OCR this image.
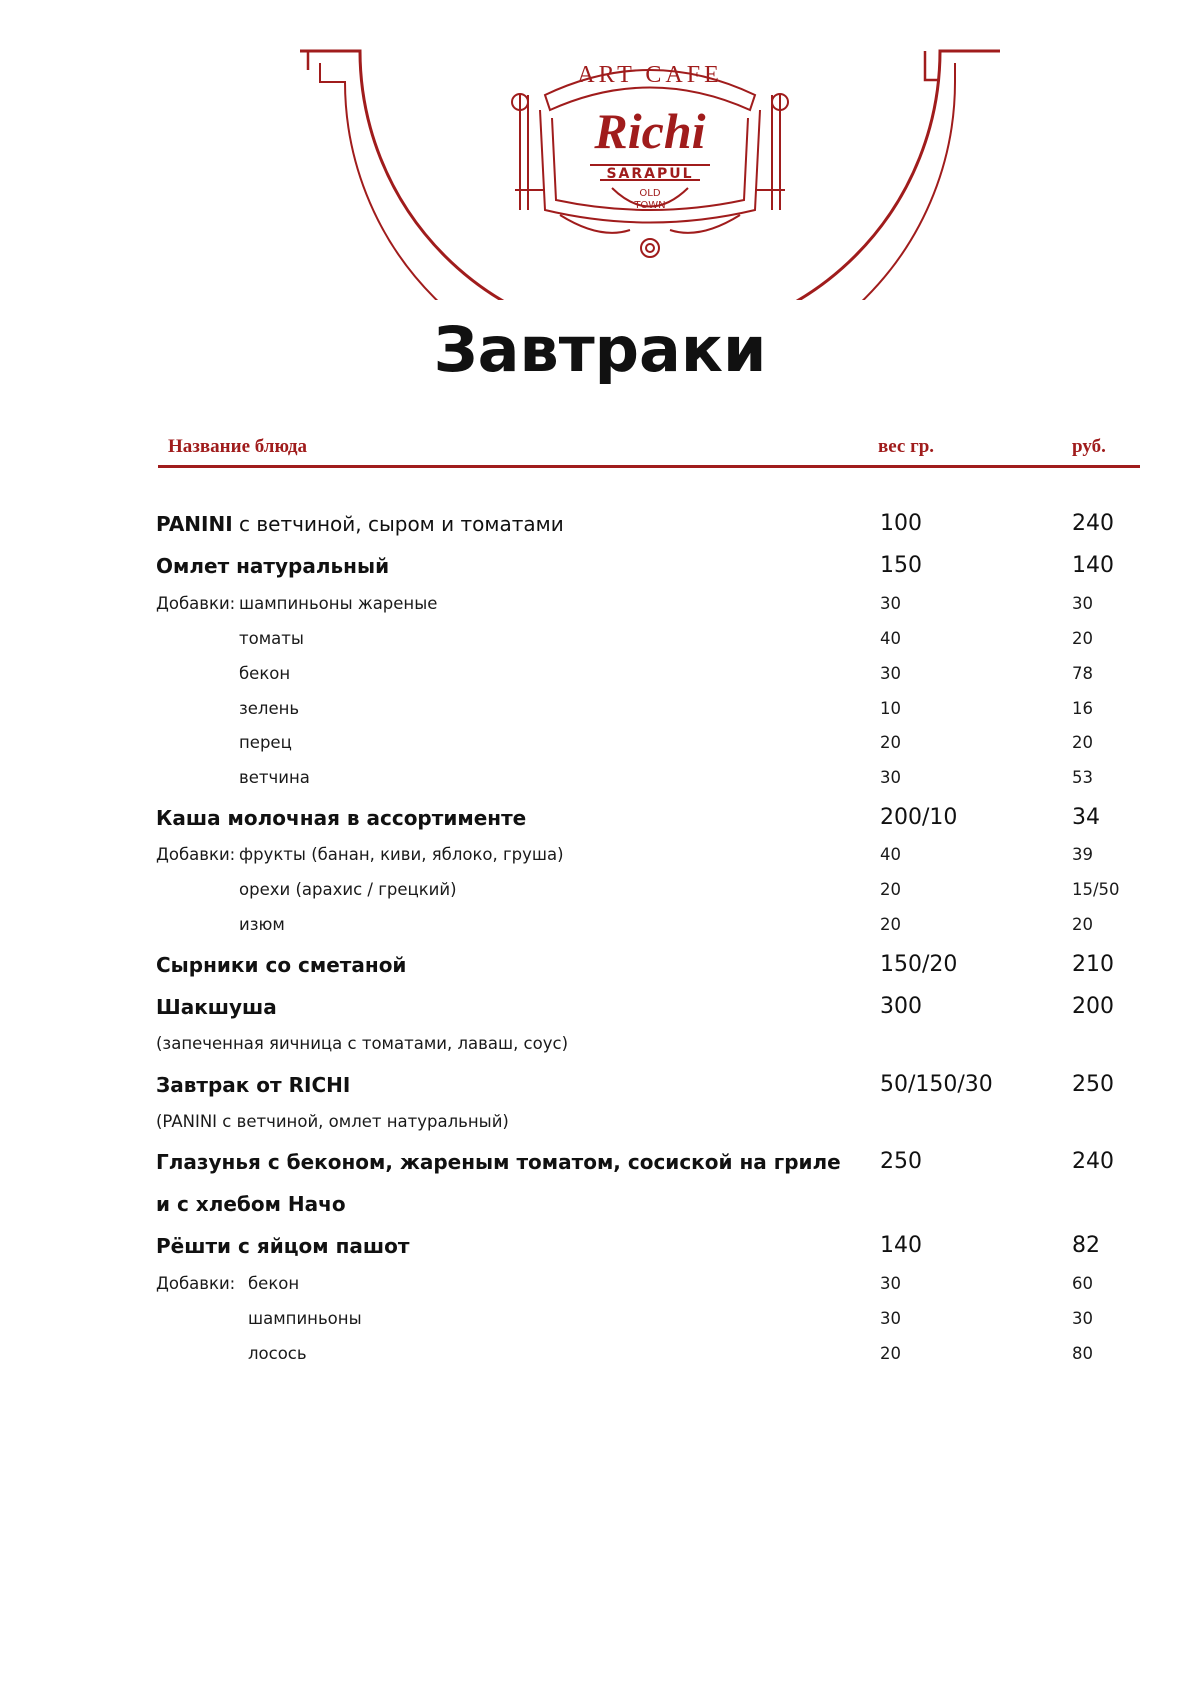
ART CAFE
Richi
SARAPUL
OLD
TOWN
Завтраки
Название блюда	вес гр.	руб.
PANINI с ветчиной, сыром и томатами	100	240
Омлет натуральный	150	140
Добавки: шампиньоны жареные	30	30
томаты	40	20
бекон	30	78
зелень	10	16
перец	20	20
ветчина	30	53
Каша молочная в ассортименте	200/10	34
Добавки: фрукты (банан, киви, яблоко, груша)	40	39
орехи (арахис / грецкий)	20	15/50
изюм	20	20
Сырники со сметаной	150/20	210
Шакшуша	300	200
(запеченная яичница с томатами, лаваш, соус)
Завтрак от RICHI	50/150/30	250
(PANINI с ветчиной, омлет натуральный)
Глазунья с беконом, жареным томатом, сосиской на гриле 250	240
и с хлебом Начо
Рёшти с яйцом пашот	140	82
Добавки: бекон	30	60
шампиньоны	30	30
лосось	20	80
